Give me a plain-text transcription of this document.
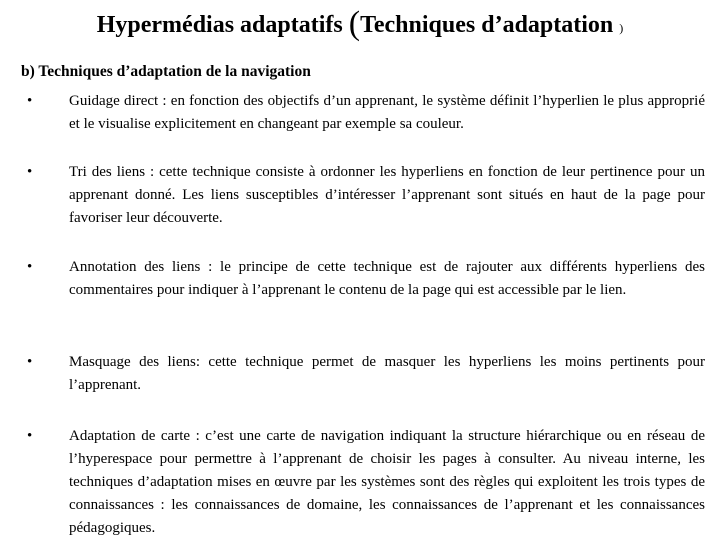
Hypermédias adaptatifs (Techniques d’adaptation )
b) Techniques d’adaptation de la navigation
• Guidage direct : en fonction des objectifs d’un apprenant, le système définit l’hyperlien le plus approprié et le visualise explicitement en changeant par exemple sa couleur.

• Tri des liens : cette technique consiste à ordonner les hyperliens en fonction de leur pertinence pour un apprenant donné. Les liens susceptibles d’intéresser l’apprenant sont situés en haut de la page pour favoriser leur découverte.

• Annotation des liens : le principe de cette technique est de rajouter aux différents hyperliens des commentaires pour indiquer à l’apprenant le contenu de la page qui est accessible par le lien.

• Masquage des liens: cette technique permet de masquer les hyperliens les moins pertinents pour l’apprenant.

• Adaptation de carte : c’est une carte de navigation indiquant la structure hiérarchique ou en réseau de l’hyperespace pour permettre à l’apprenant de choisir les pages à consulter. Au niveau interne, les techniques d’adaptation mises en œuvre par les systèmes sont des règles qui exploitent les trois types de connaissances : les connaissances de domaine, les connaissances de l’apprenant et les connaissances pédagogiques.
